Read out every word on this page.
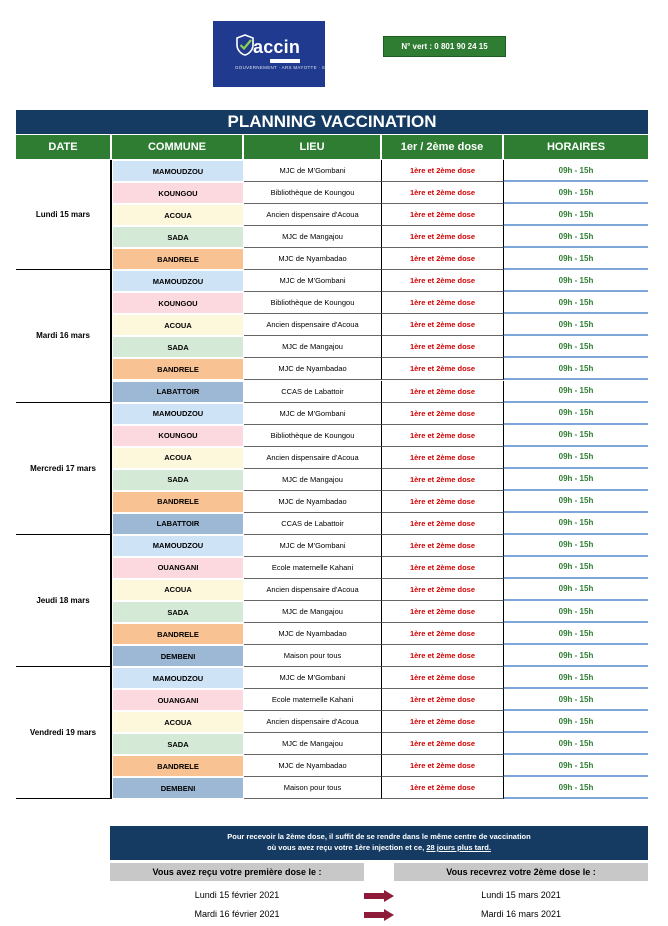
accin
GOUVERNEMENT · ARS MAYOTTE · SANTÉ PUBLIQUE
N° vert : 0 801 90 24 15
PLANNING VACCINATION
DATE	COMMUNE	LIEU	1er / 2ème dose	HORAIRES
Lundi 15 mars
MAMOUDZOU	MJC de M'Gombani	1ère et 2ème dose	09h - 15h
KOUNGOU	Bibliothèque de Koungou	1ère et 2ème dose	09h - 15h
ACOUA	Ancien dispensaire d'Acoua	1ère et 2ème dose	09h - 15h
SADA	MJC de Mangajou	1ère et 2ème dose	09h - 15h
BANDRELE	MJC de Nyambadao	1ère et 2ème dose	09h - 15h
Mardi 16 mars
MAMOUDZOU	MJC de M'Gombani	1ère et 2ème dose	09h - 15h
KOUNGOU	Bibliothèque de Koungou	1ère et 2ème dose	09h - 15h
ACOUA	Ancien dispensaire d'Acoua	1ère et 2ème dose	09h - 15h
SADA	MJC de Mangajou	1ère et 2ème dose	09h - 15h
BANDRELE	MJC de Nyambadao	1ère et 2ème dose	09h - 15h
LABATTOIR	CCAS de Labattoir	1ère et 2ème dose	09h - 15h
Mercredi 17 mars
MAMOUDZOU	MJC de M'Gombani	1ère et 2ème dose	09h - 15h
KOUNGOU	Bibliothèque de Koungou	1ère et 2ème dose	09h - 15h
ACOUA	Ancien dispensaire d'Acoua	1ère et 2ème dose	09h - 15h
SADA	MJC de Mangajou	1ère et 2ème dose	09h - 15h
BANDRELE	MJC de Nyambadao	1ère et 2ème dose	09h - 15h
LABATTOIR	CCAS de Labattoir	1ère et 2ème dose	09h - 15h
Jeudi 18 mars
MAMOUDZOU	MJC de M'Gombani	1ère et 2ème dose	09h - 15h
OUANGANI	Ecole maternelle Kahani	1ère et 2ème dose	09h - 15h
ACOUA	Ancien dispensaire d'Acoua	1ère et 2ème dose	09h - 15h
SADA	MJC de Mangajou	1ère et 2ème dose	09h - 15h
BANDRELE	MJC de Nyambadao	1ère et 2ème dose	09h - 15h
DEMBENI	Maison pour tous	1ère et 2ème dose	09h - 15h
Vendredi 19 mars
MAMOUDZOU	MJC de M'Gombani	1ère et 2ème dose	09h - 15h
OUANGANI	Ecole maternelle Kahani	1ère et 2ème dose	09h - 15h
ACOUA	Ancien dispensaire d'Acoua	1ère et 2ème dose	09h - 15h
SADA	MJC de Mangajou	1ère et 2ème dose	09h - 15h
BANDRELE	MJC de Nyambadao	1ère et 2ème dose	09h - 15h
DEMBENI	Maison pour tous	1ère et 2ème dose	09h - 15h
Pour recevoir la 2ème dose, il suffit de se rendre dans le même centre de vaccination
où vous avez reçu votre 1ère injection et ce, 28 jours plus tard.
Vous avez reçu votre première dose le :	Vous recevrez votre 2ème dose le :
Lundi 15 février 2021	Lundi 15 mars 2021
Mardi 16 février 2021	Mardi 16 mars 2021
